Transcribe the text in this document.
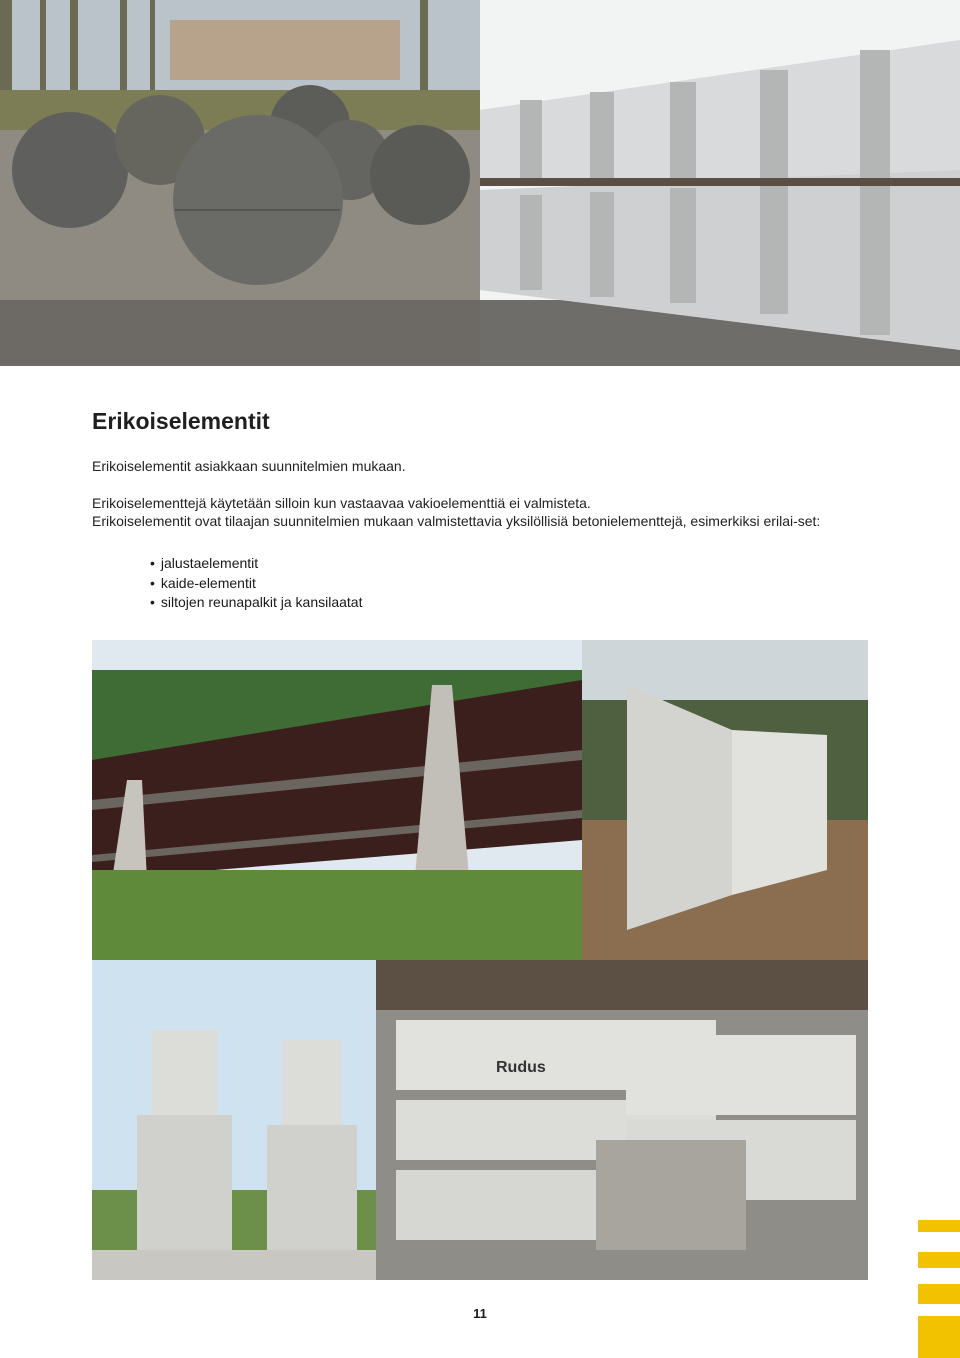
Erikoiselementit

Erikoiselementit asiakkaan suunnitelmien mukaan.

Erikoiselementtejä käytetään silloin kun vastaavaa vakioelementtiä ei valmisteta.

Erikoiselementit ovat tilaajan suunnitelmien mukaan valmistettavia yksilöllisiä betonielementtejä, esimerkiksi erilai-set:

• jalustaelementit
• kaide-elementit
• siltojen reunapalkit ja kansilaatat
Rudus
11
